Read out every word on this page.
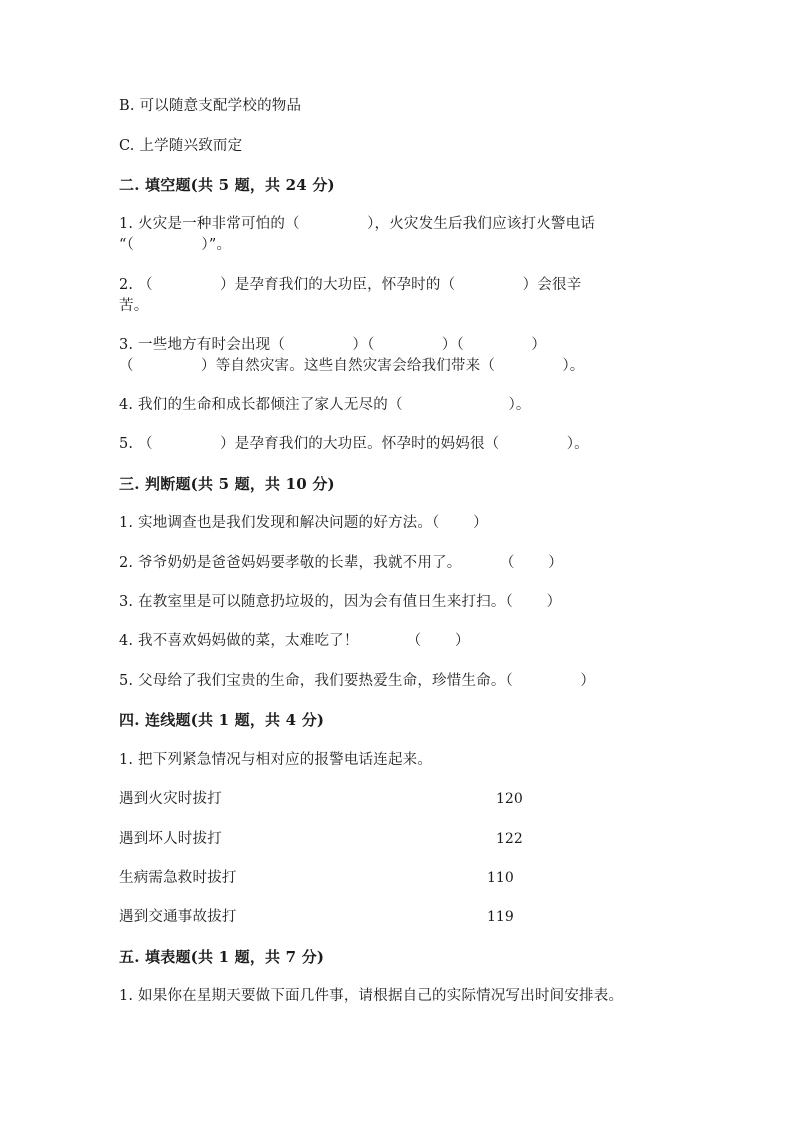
B. 可以随意支配学校的物品
C. 上学随兴致而定
二. 填空题(共 5 题，共 24 分)
1. 火灾是一种非常可怕的（              ），火灾发生后我们应该打火警电话
“（              ）”。
2. （              ）是孕育我们的大功臣，怀孕时的（              ）会很辛
苦。
3. 一些地方有时会出现（              ）（              ）（              ）
（              ）等自然灾害。这些自然灾害会给我们带来（              ）。
4. 我们的生命和成长都倾注了家人无尽的（                      ）。
5. （              ）是孕育我们的大功臣。怀孕时的妈妈很（              ）。
三. 判断题(共 5 题，共 10 分)
1. 实地调查也是我们发现和解决问题的好方法。（       ）
2. 爷爷奶奶是爸爸妈妈要孝敬的长辈，我就不用了。        （       ）
3. 在教室里是可以随意扔垃圾的，因为会有值日生来打扫。（       ）
4. 我不喜欢妈妈做的菜，太难吃了！          （       ）
5. 父母给了我们宝贵的生命，我们要热爱生命，珍惜生命。（              ）
四. 连线题(共 1 题，共 4 分)
1. 把下列紧急情况与相对应的报警电话连起来。
遇到火灾时拔打	120
遇到坏人时拔打	122
生病需急救时拔打	110
遇到交通事故拔打	119
五. 填表题(共 1 题，共 7 分)
1. 如果你在星期天要做下面几件事，请根据自己的实际情况写出时间安排表。
